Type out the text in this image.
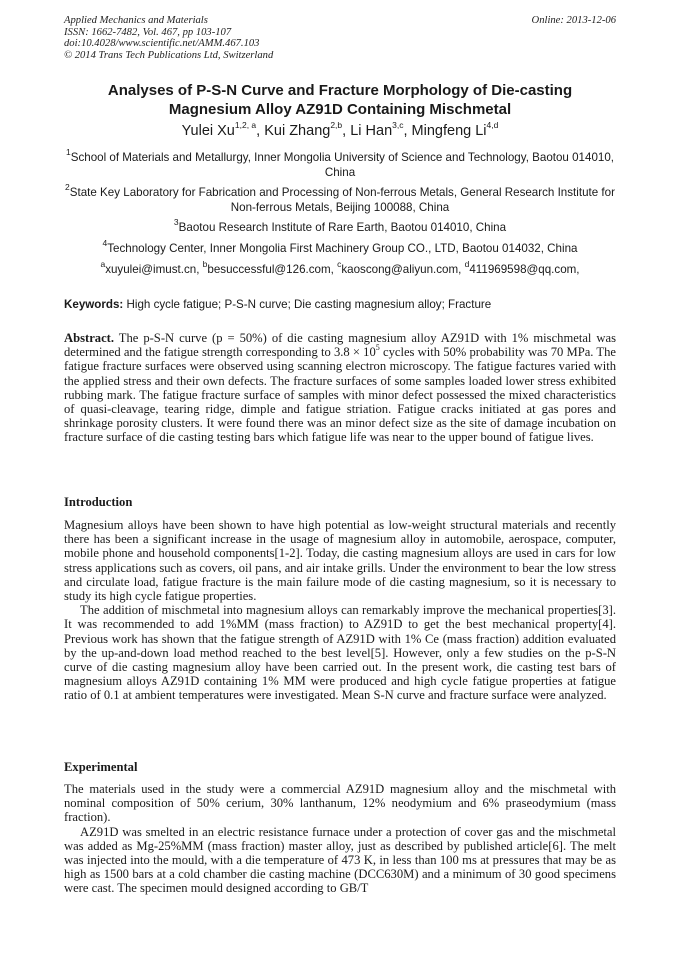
Applied Mechanics and Materials
ISSN: 1662-7482, Vol. 467, pp 103-107
doi:10.4028/www.scientific.net/AMM.467.103
© 2014 Trans Tech Publications Ltd, Switzerland
Online: 2013-12-06
Analyses of P-S-N Curve and Fracture Morphology of Die-casting
Magnesium Alloy AZ91D Containing Mischmetal
Yulei Xu$^{1,2, a}$, Kui Zhang$^{2,b}$, Li Han$^{3,c}$, Mingfeng Li$^{4,d}$
$^1$School of Materials and Metallurgy, Inner Mongolia University of Science and Technology, Baotou 014010, China
$^2$State Key Laboratory for Fabrication and Processing of Non-ferrous Metals, General Research Institute for Non-ferrous Metals, Beijing 100088, China
$^3$Baotou Research Institute of Rare Earth, Baotou 014010, China
$^4$Technology Center, Inner Mongolia First Machinery Group CO., LTD, Baotou 014032, China
$^a$xuyulei@imust.cn, $^b$besuccessful@126.com, $^c$kaoscong@aliyun.com, $^d$411969598@qq.com,
Keywords: High cycle fatigue; P-S-N curve; Die casting magnesium alloy; Fracture
Abstract. The p-S-N curve (p = 50%) of die casting magnesium alloy AZ91D with 1% mischmetal was determined and the fatigue strength corresponding to $3.8 \times 10^5$ cycles with 50% probability was 70 MPa. The fatigue fracture surfaces were observed using scanning electron microscopy. The fatigue factures varied with the applied stress and their own defects. The fracture surfaces of some samples loaded lower stress exhibited rubbing mark. The fatigue fracture surface of samples with minor defect possessed the mixed characteristics of quasi-cleavage, tearing ridge, dimple and fatigue striation. Fatigue cracks initiated at gas pores and shrinkage porosity clusters. It were found there was an minor defect size as the site of damage incubation on fracture surface of die casting testing bars which fatigue life was near to the upper bound of fatigue lives.
Introduction

Magnesium alloys have been shown to have high potential as low-weight structural materials and recently there has been a significant increase in the usage of magnesium alloy in automobile, aerospace, computer, mobile phone and household components[1-2]. Today, die casting magnesium alloys are used in cars for low stress applications such as covers, oil pans, and air intake grills. Under the environment to bear the low stress and circulate load, fatigue fracture is the main failure mode of die casting magnesium, so it is necessary to study its high cycle fatigue properties.

The addition of mischmetal into magnesium alloys can remarkably improve the mechanical properties[3]. It was recommended to add 1%MM (mass fraction) to AZ91D to get the best mechanical property[4]. Previous work has shown that the fatigue strength of AZ91D with 1% Ce (mass fraction) addition evaluated by the up-and-down load method reached to the best level[5]. However, only a few studies on the p-S-N curve of die casting magnesium alloy have been carried out. In the present work, die casting test bars of magnesium alloys AZ91D containing 1% MM were produced and high cycle fatigue properties at fatigue ratio of 0.1 at ambient temperatures were investigated. Mean S-N curve and fracture surface were analyzed.

Experimental

The materials used in the study were a commercial AZ91D magnesium alloy and the mischmetal with nominal composition of 50% cerium, 30% lanthanum, 12% neodymium and 6% praseodymium (mass fraction).

AZ91D was smelted in an electric resistance furnace under a protection of cover gas and the mischmetal was added as Mg-25%MM (mass fraction) master alloy, just as described by published article[6]. The melt was injected into the mould, with a die temperature of 473 K, in less than 100 ms at pressures that may be as high as 1500 bars at a cold chamber die casting machine (DCC630M) and a minimum of 30 good specimens were cast. The specimen mould designed according to GB/T
